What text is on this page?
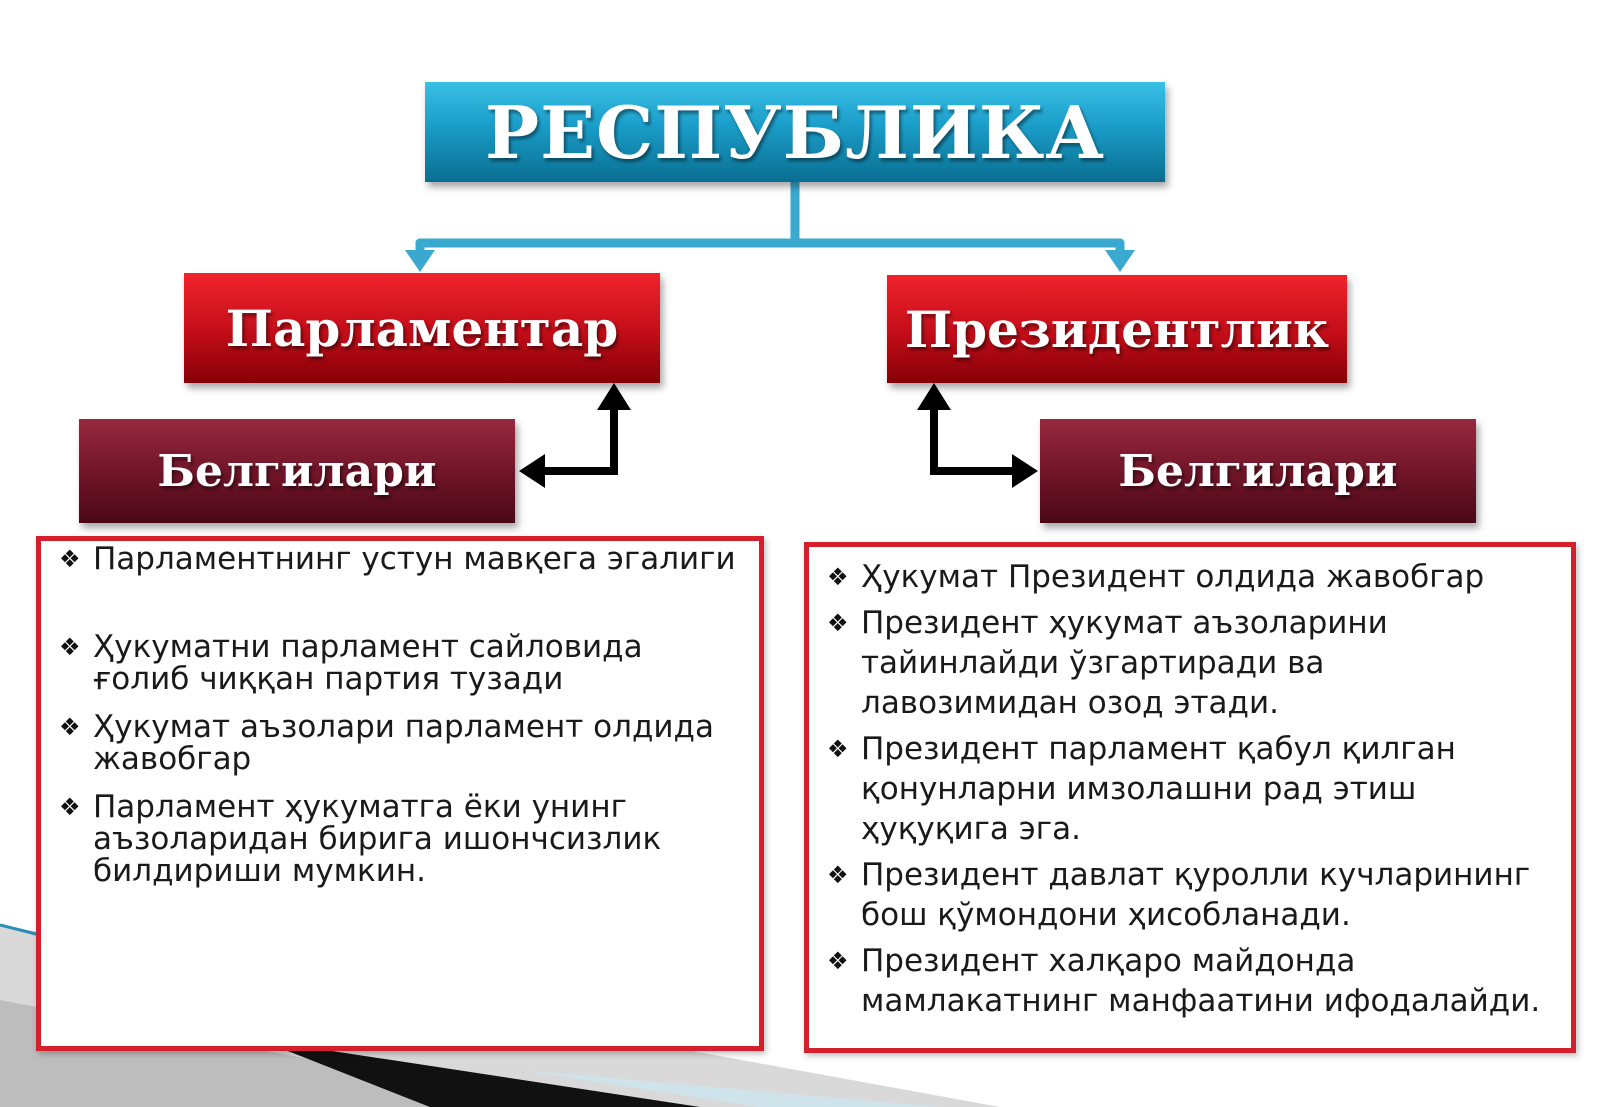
РЕСПУБЛИКА
Парламентар	Президентлик
Белгилари	Белгилари
❖ Парламентнинг устун мавқега эгалиги
❖ Ҳукуматни парламент сайловида ғолиб чиққан партия тузади
❖ Ҳукумат аъзолари парламент олдида жавобгар
❖ Парламент ҳукуматга ёки унинг аъзоларидан бирига ишончсизлик билдириши мумкин.
❖ Ҳукумат Президент олдида жавобгар
❖ Президент ҳукумат аъзоларини тайинлайди ўзгартиради ва лавозимидан озод этади.
❖ Президент парламент қабул қилган қонунларни имзолашни рад этиш ҳуқуқига эга.
❖ Президент давлат қуролли кучларининг бош қўмондони ҳисобланади.
❖ Президент халқаро майдонда мамлакатнинг манфаатини ифодалайди.
